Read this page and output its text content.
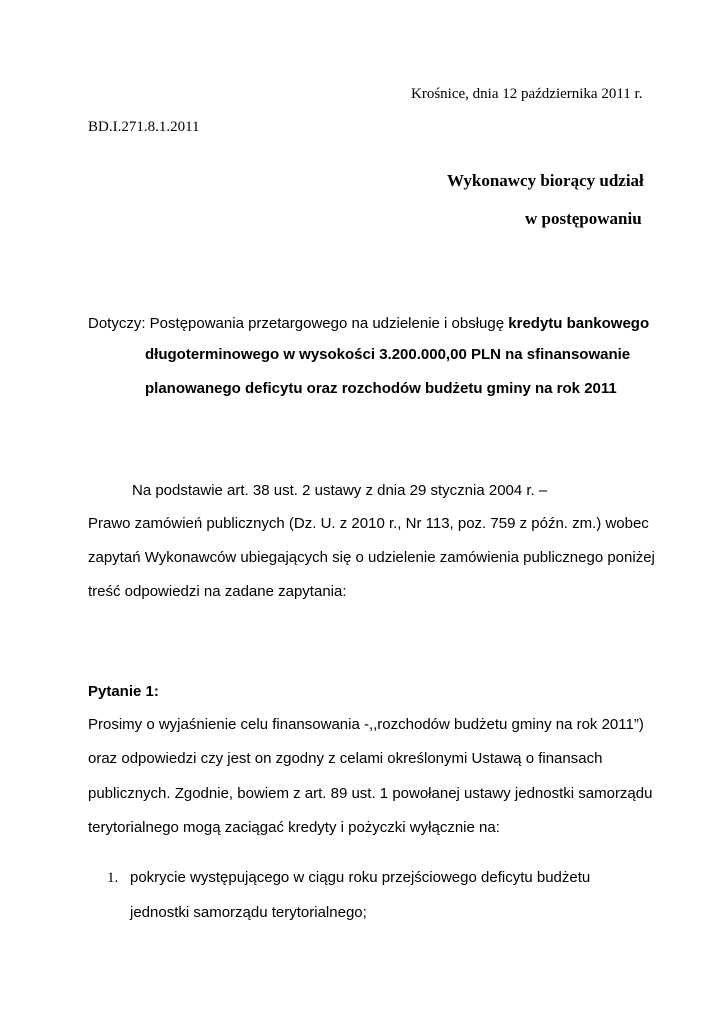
Krośnice, dnia 12 października 2011 r.
BD.I.271.8.1.2011
Wykonawcy biorący udział
w postępowaniu
Dotyczy: Postępowania przetargowego na udzielenie i obsługę kredytu bankowego
długoterminowego w wysokości 3.200.000,00 PLN na sfinansowanie
planowanego deficytu oraz rozchodów budżetu gminy na rok 2011
Na podstawie art. 38 ust. 2 ustawy z dnia 29 stycznia 2004 r. –
Prawo zamówień publicznych (Dz. U. z 2010 r., Nr 113, poz. 759 z późn. zm.) wobec
zapytań Wykonawców ubiegających się o udzielenie zamówienia publicznego poniżej
treść odpowiedzi na zadane zapytania:
Pytanie 1:
Prosimy o wyjaśnienie celu finansowania -,,rozchodów budżetu gminy na rok 2011”)
oraz odpowiedzi czy jest on zgodny z celami określonymi Ustawą o finansach
publicznych. Zgodnie, bowiem z art. 89 ust. 1 powołanej ustawy jednostki samorządu
terytorialnego mogą zaciągać kredyty i pożyczki wyłącznie na:
1. pokrycie występującego w ciągu roku przejściowego deficytu budżetu
jednostki samorządu terytorialnego;
